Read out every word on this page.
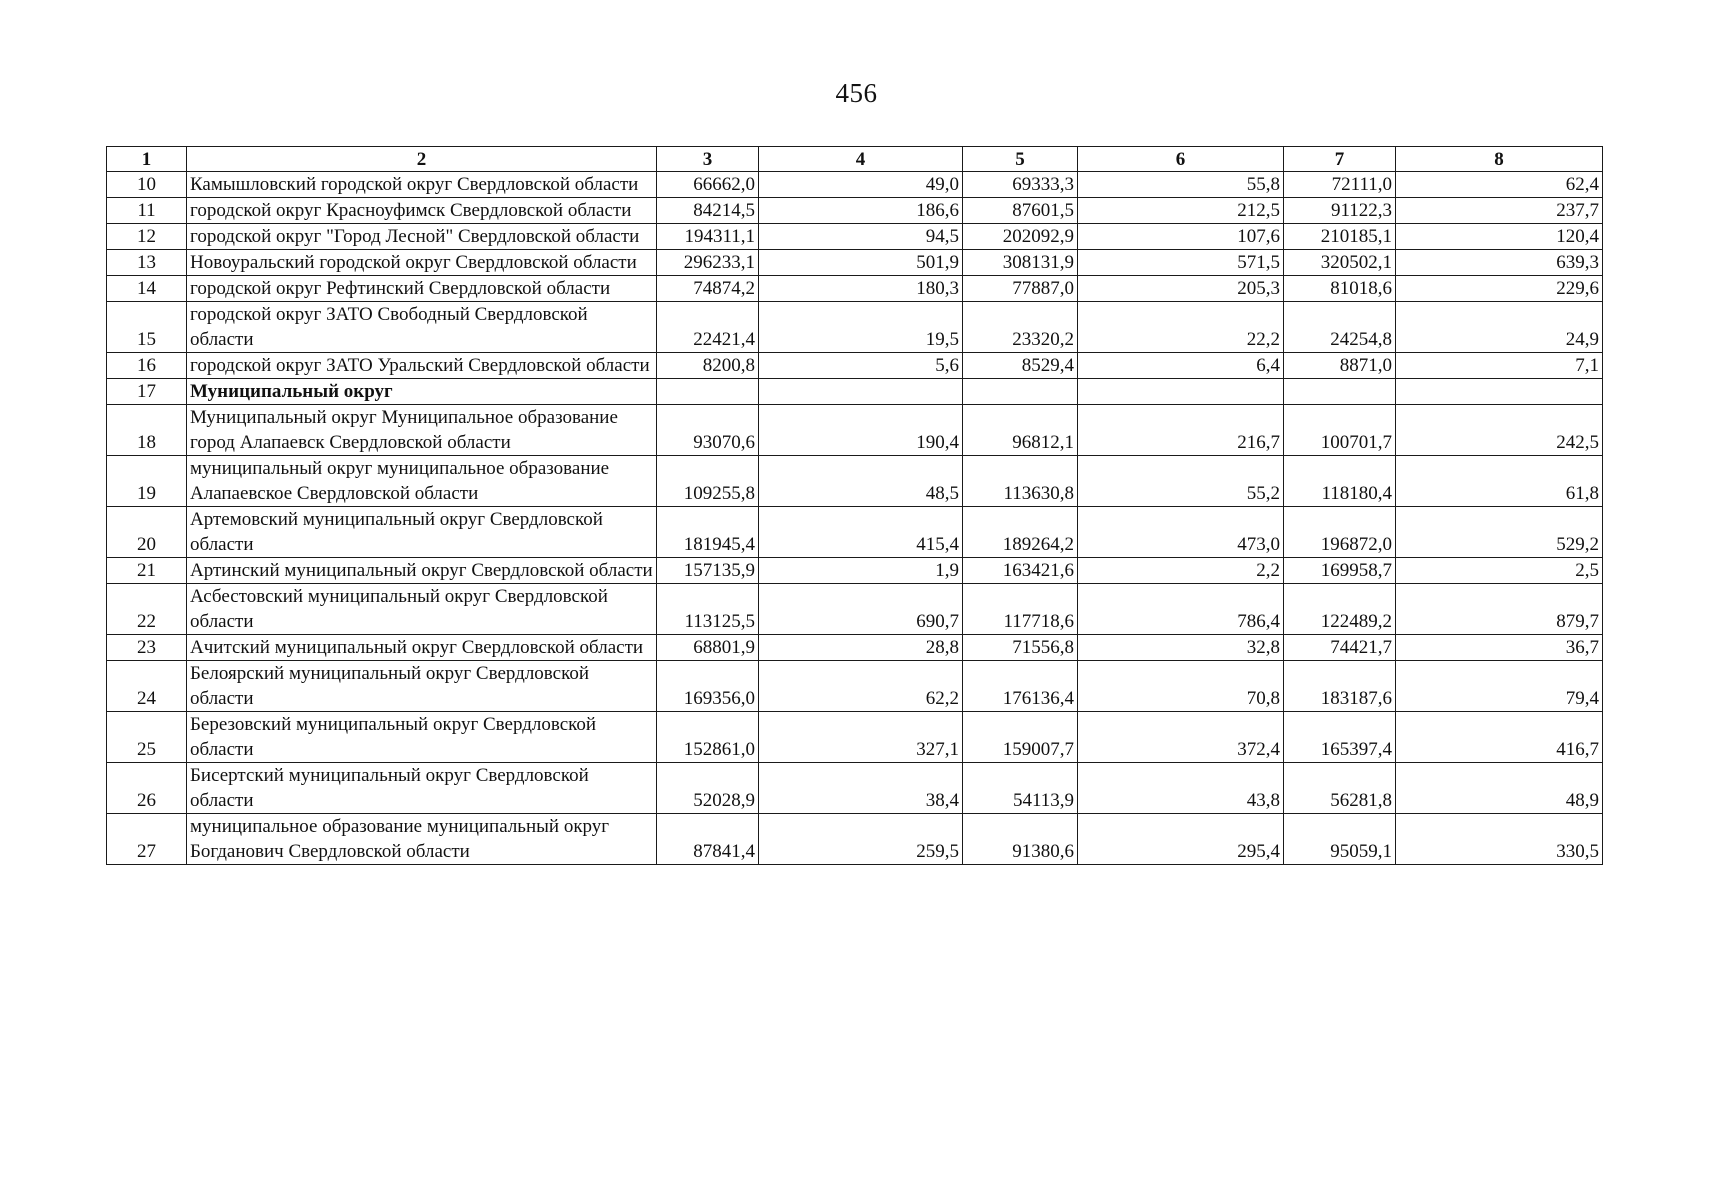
456
1	2	3	4	5	6	7	8
10	Камышловский городской округ Свердловской области	66662,0	49,0	69333,3	55,8	72111,0	62,4
11	городской округ Красноуфимск Свердловской области	84214,5	186,6	87601,5	212,5	91122,3	237,7
12	городской округ "Город Лесной" Свердловской области	194311,1	94,5	202092,9	107,6	210185,1	120,4
13	Новоуральский городской округ Свердловской области	296233,1	501,9	308131,9	571,5	320502,1	639,3
14	городской округ Рефтинский Свердловской области	74874,2	180,3	77887,0	205,3	81018,6	229,6
15	городской округ ЗАТО Свободный Свердловской области	22421,4	19,5	23320,2	22,2	24254,8	24,9
16	городской округ ЗАТО Уральский Свердловской области	8200,8	5,6	8529,4	6,4	8871,0	7,1
17	Муниципальный округ						
18	Муниципальный округ Муниципальное образование город Алапаевск Свердловской области	93070,6	190,4	96812,1	216,7	100701,7	242,5
19	муниципальный округ муниципальное образование Алапаевское Свердловской области	109255,8	48,5	113630,8	55,2	118180,4	61,8
20	Артемовский муниципальный округ Свердловской области	181945,4	415,4	189264,2	473,0	196872,0	529,2
21	Артинский муниципальный округ Свердловской области	157135,9	1,9	163421,6	2,2	169958,7	2,5
22	Асбестовский муниципальный округ Свердловской области	113125,5	690,7	117718,6	786,4	122489,2	879,7
23	Ачитский муниципальный округ Свердловской области	68801,9	28,8	71556,8	32,8	74421,7	36,7
24	Белоярский муниципальный округ Свердловской области	169356,0	62,2	176136,4	70,8	183187,6	79,4
25	Березовский муниципальный округ Свердловской области	152861,0	327,1	159007,7	372,4	165397,4	416,7
26	Бисертский муниципальный округ Свердловской области	52028,9	38,4	54113,9	43,8	56281,8	48,9
27	муниципальное образование муниципальный округ Богданович Свердловской области	87841,4	259,5	91380,6	295,4	95059,1	330,5
